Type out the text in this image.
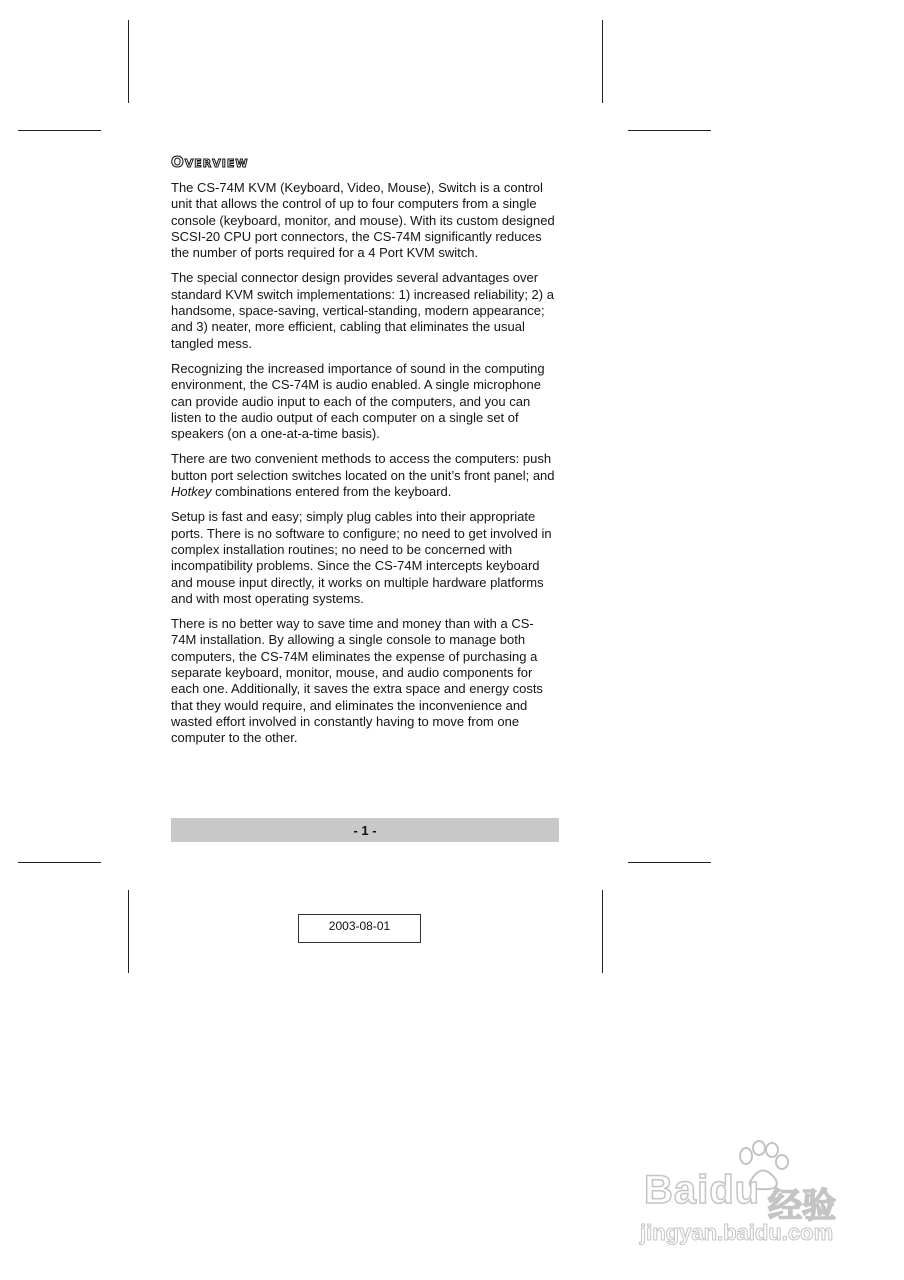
Overview

The CS-74M KVM (Keyboard, Video, Mouse), Switch is a control unit that allows the control of up to four computers from a single console (keyboard, monitor, and mouse). With its custom designed SCSI-20 CPU port connectors, the CS-74M significantly reduces the number of ports required for a 4 Port KVM switch.

The special connector design provides several advantages over standard KVM switch implementations: 1) increased reliability; 2) a handsome, space-saving, vertical-standing, modern appearance; and 3) neater, more efficient, cabling that eliminates the usual tangled mess.

Recognizing the increased importance of sound in the computing environment, the CS-74M is audio enabled. A single microphone can provide audio input to each of the computers, and you can listen to the audio output of each computer on a single set of speakers (on a one-at-a-time basis).

There are two convenient methods to access the computers: push button port selection switches located on the unit’s front panel; and Hotkey combinations entered from the keyboard.

Setup is fast and easy; simply plug cables into their appropriate ports. There is no software to configure; no need to get involved in complex installation routines; no need to be concerned with incompatibility problems. Since the CS-74M intercepts keyboard and mouse input directly, it works on multiple hardware platforms and with most operating systems.

There is no better way to save time and money than with a CS-74M installation. By allowing a single console to manage both computers, the CS-74M eliminates the expense of purchasing a separate keyboard, monitor, mouse, and audio components for each one. Additionally, it saves the extra space and energy costs that they would require, and eliminates the inconvenience and wasted effort involved in constantly having to move from one computer to the other.

- 1 -
2003-08-01
Baidu 经验
jingyan.baidu.com
